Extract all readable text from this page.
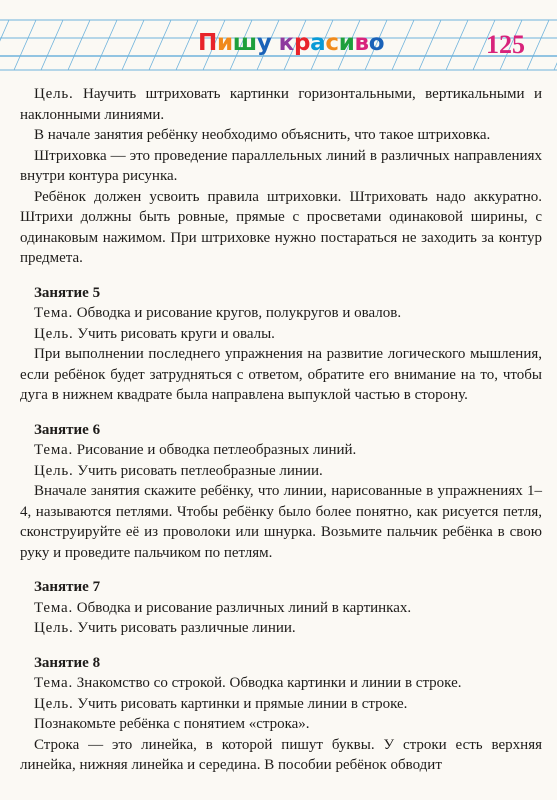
Пишу красиво	125

Цель. Научить штриховать картинки горизонтальными, вертикальными и наклонными линиями.

В начале занятия ребёнку необходимо объяснить, что такое штриховка.

Штриховка — это проведение параллельных линий в различных направлениях внутри контура рисунка.

Ребёнок должен усвоить правила штриховки. Штриховать надо аккуратно. Штрихи должны быть ровные, прямые с просветами одинаковой ширины, с одинаковым нажимом. При штриховке нужно постараться не заходить за контур предмета.

Занятие 5

Тема. Обводка и рисование кругов, полукругов и овалов.

Цель. Учить рисовать круги и овалы.

При выполнении последнего упражнения на развитие логического мышления, если ребёнок будет затрудняться с ответом, обратите его внимание на то, чтобы дуга в нижнем квадрате была направлена выпуклой частью в сторону.

Занятие 6

Тема. Рисование и обводка петлеобразных линий.

Цель. Учить рисовать петлеобразные линии.

Вначале занятия скажите ребёнку, что линии, нарисованные в упражнениях 1–4, называются петлями. Чтобы ребёнку было более понятно, как рисуется петля, сконструируйте её из проволоки или шнурка. Возьмите пальчик ребёнка в свою руку и проведите пальчиком по петлям.

Занятие 7

Тема. Обводка и рисование различных линий в картинках.

Цель. Учить рисовать различные линии.

Занятие 8

Тема. Знакомство со строкой. Обводка картинки и линии в строке.

Цель. Учить рисовать картинки и прямые линии в строке.

Познакомьте ребёнка с понятием «строка».

Строка — это линейка, в которой пишут буквы. У строки есть верхняя линейка, нижняя линейка и середина. В пособии ребёнок обводит
